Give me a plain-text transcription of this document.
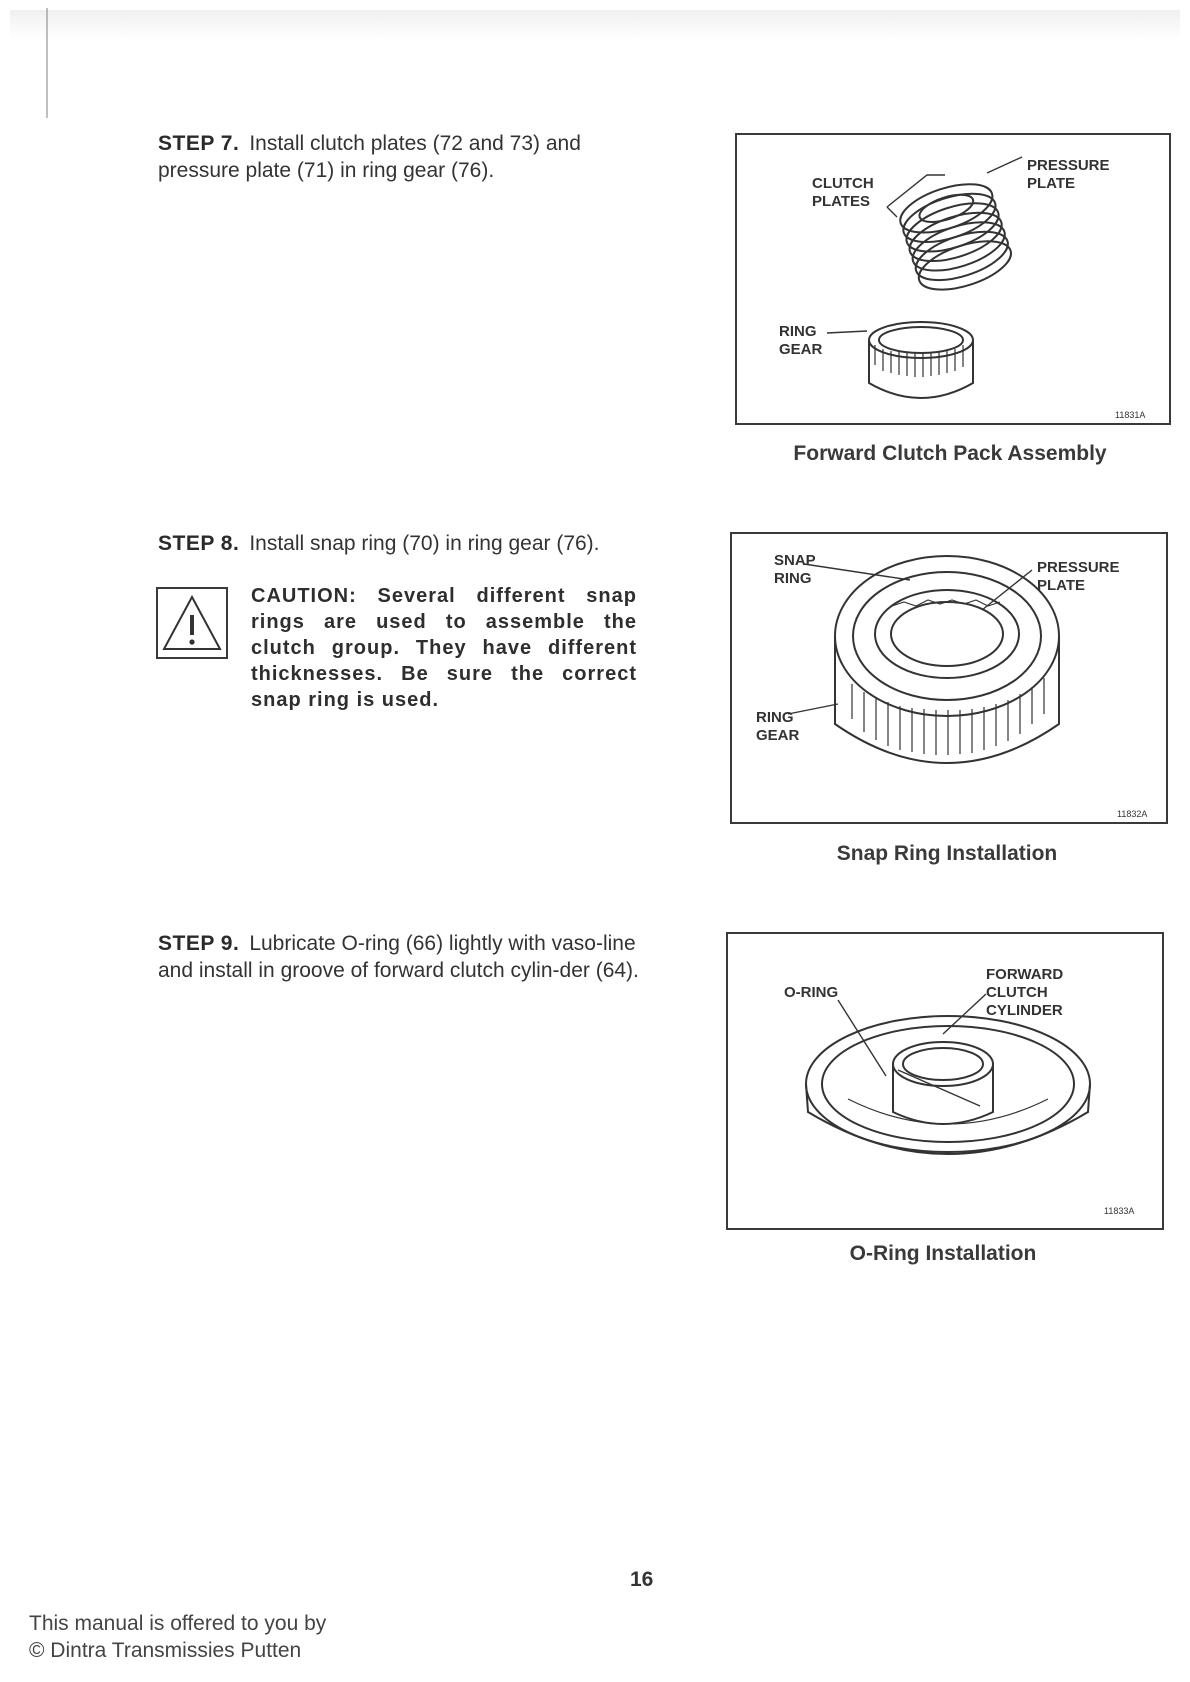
STEP 7. Install clutch plates (72 and 73) and pressure plate (71) in ring gear (76).
STEP 8. Install snap ring (70) in ring gear (76).
CAUTION: Several different snap rings are used to assemble the clutch group. They have different thicknesses. Be sure the correct snap ring is used.
STEP 9. Lubricate O-ring (66) lightly with vaso-line and install in groove of forward clutch cylin-der (64).
CLUTCH
PLATES
PRESSURE
PLATE
RING
GEAR
11831A
Forward Clutch Pack Assembly
SNAP
RING
PRESSURE
PLATE
RING
GEAR
11832A
Snap Ring Installation
O-RING
FORWARD
CLUTCH
CYLINDER
11833A
O-Ring Installation
16
This manual is offered to you by
© Dintra Transmissies Putten
